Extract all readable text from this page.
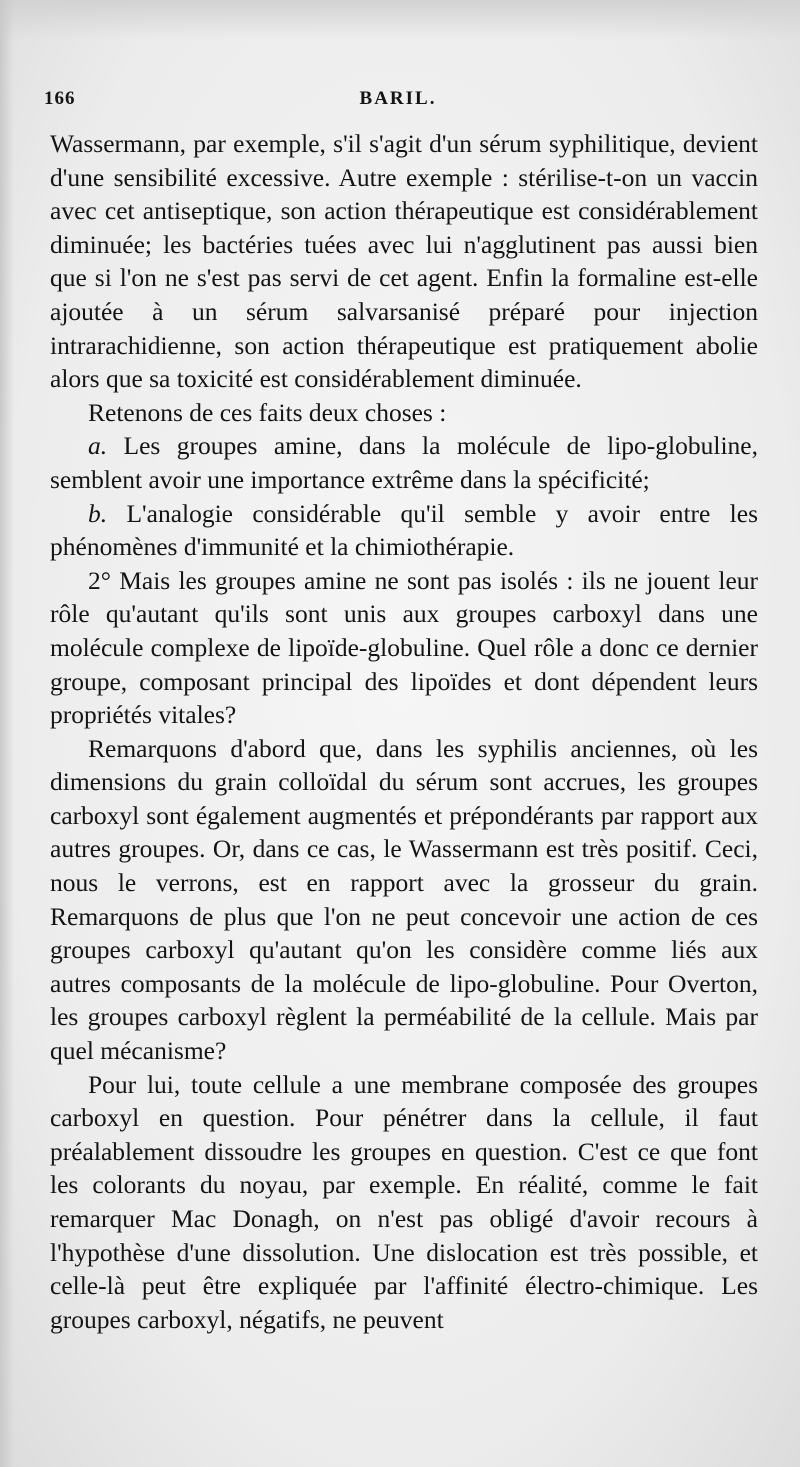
166	BARIL.

Wassermann, par exemple, s'il s'agit d'un sérum syphilitique, devient d'une sensibilité excessive. Autre exemple : stérilise-t-on un vaccin avec cet antiseptique, son action thérapeutique est considérablement diminuée; les bactéries tuées avec lui n'agglutinent pas aussi bien que si l'on ne s'est pas servi de cet agent. Enfin la formaline est-elle ajoutée à un sérum salvarsanisé préparé pour injection intrarachidienne, son action thérapeutique est pratiquement abolie alors que sa toxicité est considérablement diminuée.

Retenons de ces faits deux choses :

a. Les groupes amine, dans la molécule de lipo-globuline, semblent avoir une importance extrême dans la spécificité;

b. L'analogie considérable qu'il semble y avoir entre les phénomènes d'immunité et la chimiothérapie.

2° Mais les groupes amine ne sont pas isolés : ils ne jouent leur rôle qu'autant qu'ils sont unis aux groupes carboxyl dans une molécule complexe de lipoïde-globuline. Quel rôle a donc ce dernier groupe, composant principal des lipoïdes et dont dépendent leurs propriétés vitales?

Remarquons d'abord que, dans les syphilis anciennes, où les dimensions du grain colloïdal du sérum sont accrues, les groupes carboxyl sont également augmentés et prépondérants par rapport aux autres groupes. Or, dans ce cas, le Wassermann est très positif. Ceci, nous le verrons, est en rapport avec la grosseur du grain. Remarquons de plus que l'on ne peut concevoir une action de ces groupes carboxyl qu'autant qu'on les considère comme liés aux autres composants de la molécule de lipo-globuline. Pour Overton, les groupes carboxyl règlent la perméabilité de la cellule. Mais par quel mécanisme?

Pour lui, toute cellule a une membrane composée des groupes carboxyl en question. Pour pénétrer dans la cellule, il faut préalablement dissoudre les groupes en question. C'est ce que font les colorants du noyau, par exemple. En réalité, comme le fait remarquer Mac Donagh, on n'est pas obligé d'avoir recours à l'hypothèse d'une dissolution. Une dislocation est très possible, et celle-là peut être expliquée par l'affinité électro-chimique. Les groupes carboxyl, négatifs, ne peuvent
